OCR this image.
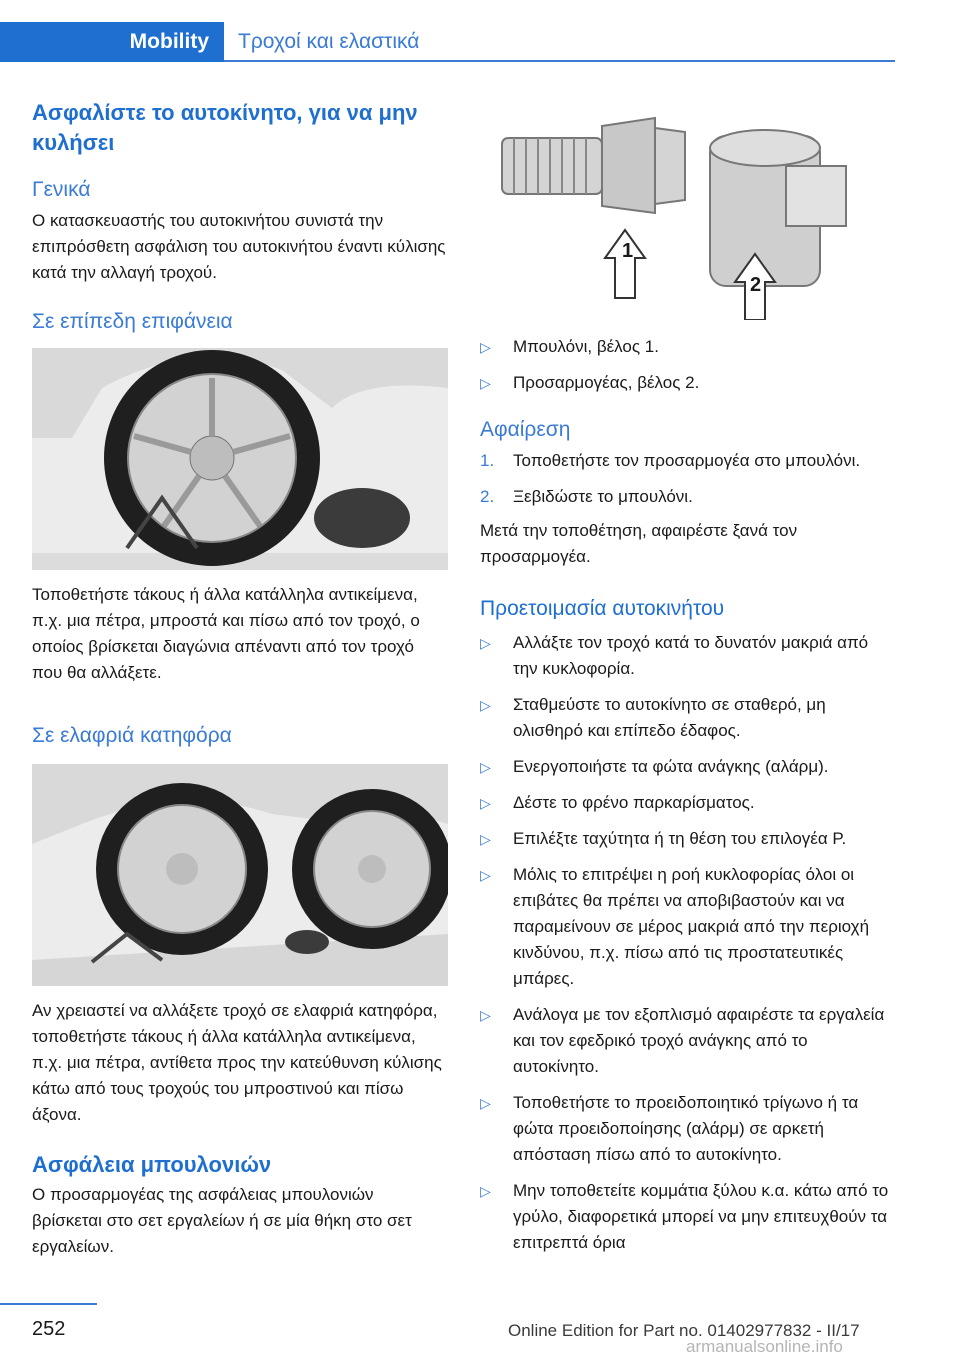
Mobility	Τροχοί και ελαστικά
Ασφαλίστε το αυτοκίνητο, για να μην κυλήσει
Γενικά

Ο κατασκευαστής του αυτοκινήτου συνιστά την επιπρόσθετη ασφάλιση του αυτοκινήτου έναντι κύλισης κατά την αλλαγή τροχού.

Σε επίπεδη επιφάνεια

Τοποθετήστε τάκους ή άλλα κατάλληλα αντικείμενα, π.χ. μια πέτρα, μπροστά και πίσω από τον τροχό, ο οποίος βρίσκεται διαγώνια απέναντι από τον τροχό που θα αλλάξετε.

Σε ελαφριά κατηφόρα

Αν χρειαστεί να αλλάξετε τροχό σε ελαφριά κατηφόρα, τοποθετήστε τάκους ή άλλα κατάλληλα αντικείμενα, π.χ. μια πέτρα, αντίθετα προς την κατεύθυνση κύλισης κάτω από τους τροχούς του μπροστινού και πίσω άξονα.

Ασφάλεια μπουλονιών

Ο προσαρμογέας της ασφάλειας μπουλονιών βρίσκεται στο σετ εργαλείων ή σε μία θήκη στο σετ εργαλείων.

1
2
▷ Μπουλόνι, βέλος 1.
▷ Προσαρμογέας, βέλος 2.
Αφαίρεση
1. Τοποθετήστε τον προσαρμογέα στο μπουλόνι.
2. Ξεβιδώστε το μπουλόνι.

Μετά την τοποθέτηση, αφαιρέστε ξανά τον προσαρμογέα.

Προετοιμασία αυτοκινήτου
▷ Αλλάξτε τον τροχό κατά το δυνατόν μακριά από την κυκλοφορία.
▷ Σταθμεύστε το αυτοκίνητο σε σταθερό, μη ολισθηρό και επίπεδο έδαφος.
▷ Ενεργοποιήστε τα φώτα ανάγκης (αλάρμ).
▷ Δέστε το φρένο παρκαρίσματος.
▷ Επιλέξτε ταχύτητα ή τη θέση του επιλογέα P.
▷ Μόλις το επιτρέψει η ροή κυκλοφορίας όλοι οι επιβάτες θα πρέπει να αποβιβαστούν και να παραμείνουν σε μέρος μακριά από την περιοχή κινδύνου, π.χ. πίσω από τις προστατευτικές μπάρες.
▷ Ανάλογα με τον εξοπλισμό αφαιρέστε τα εργαλεία και τον εφεδρικό τροχό ανάγκης από το αυτοκίνητο.
▷ Τοποθετήστε το προειδοποιητικό τρίγωνο ή τα φώτα προειδοποίησης (αλάρμ) σε αρκετή απόσταση πίσω από το αυτοκίνητο.
▷ Μην τοποθετείτε κομμάτια ξύλου κ.α. κάτω από το γρύλο, διαφορετικά μπορεί να μην επιτευχθούν τα επιτρεπτά όρια
252	Online Edition for Part no. 01402977832 - II/17
armanualsonline.info
